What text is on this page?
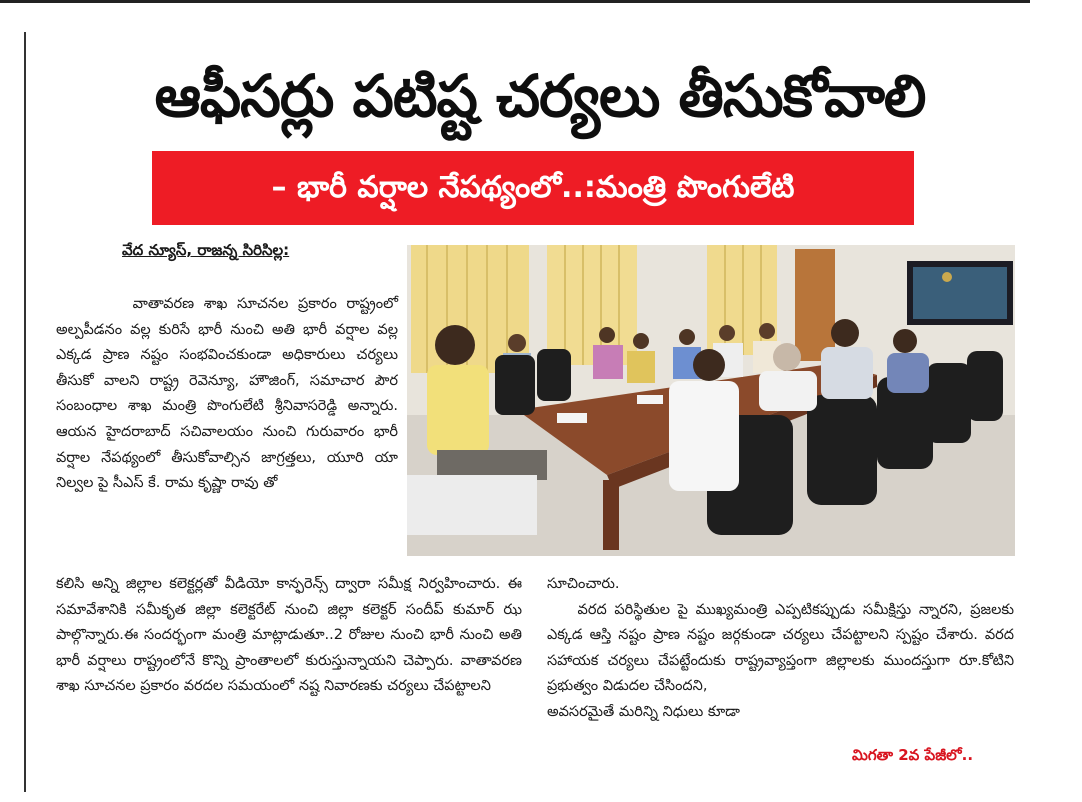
ఆఫీసర్లు పటిష్ట చర్యలు తీసుకోవాలి
– భారీ వర్షాల నేపథ్యంలో..:మంత్రి పొంగులేటి
వేద న్యూస్, రాజన్న సిరిసిల్ల:
వాతావరణ శాఖ సూచనల ప్రకారం రాష్ట్రంలో అల్పపీడనం వల్ల కురిసే భారీ నుంచి అతి భారీ వర్షాల వల్ల ఎక్కడ ప్రాణ నష్టం సంభవించకుండా అధికారులు చర్యలు తీసుకో వాలని రాష్ట్ర రెవెన్యూ, హౌజింగ్, సమాచార పౌర సంబంధాల శాఖ మంత్రి పొంగులేటి శ్రీనివాసరెడ్డి అన్నారు. ఆయన హైదరాబాద్ సచివాలయం నుంచి గురువారం భారీ వర్షాల నేపథ్యంలో తీసుకోవాల్సిన జాగ్రత్తలు, యూరి యా నిల్వల పై సీఎస్ కే. రామ కృష్ణా రావు తో
కలిసి అన్ని జిల్లాల కలెక్టర్లతో వీడియో కాన్ఫరెన్స్ ద్వారా సమీక్ష నిర్వహించారు. ఈ సమావేశానికి సమీకృత జిల్లా కలెక్టరేట్ నుంచి జిల్లా కలెక్టర్ సందీప్ కుమార్ ఝ పాల్గొన్నారు.ఈ సందర్భంగా మంత్రి మాట్లాడుతూ..2 రోజుల నుంచి భారీ నుంచి అతి భారీ వర్షాలు రాష్ట్రంలోనే కొన్ని ప్రాంతాలలో కురుస్తున్నాయని చెప్పారు. వాతావరణ శాఖ సూచనల ప్రకారం వరదల సమయంలో నష్ట నివారణకు చర్యలు చేపట్టాలని
సూచించారు.
వరద పరిస్థితుల పై ముఖ్యమంత్రి ఎప్పటికప్పుడు సమీక్షిస్తు న్నారని, ప్రజలకు ఎక్కడ ఆస్తి నష్టం ప్రాణ నష్టం జర్గకుండా చర్యలు చేపట్టాలని స్పష్టం చేశారు. వరద సహాయక చర్యలు చేపట్టేందుకు రాష్ట్రవ్యాప్తంగా జిల్లాలకు ముందస్తుగా రూ.కోటిని ప్రభుత్వం విడుదల చేసిందని,
అవసరమైతే మరిన్ని నిధులు కూడా
మిగతా 2వ పేజీలో..
